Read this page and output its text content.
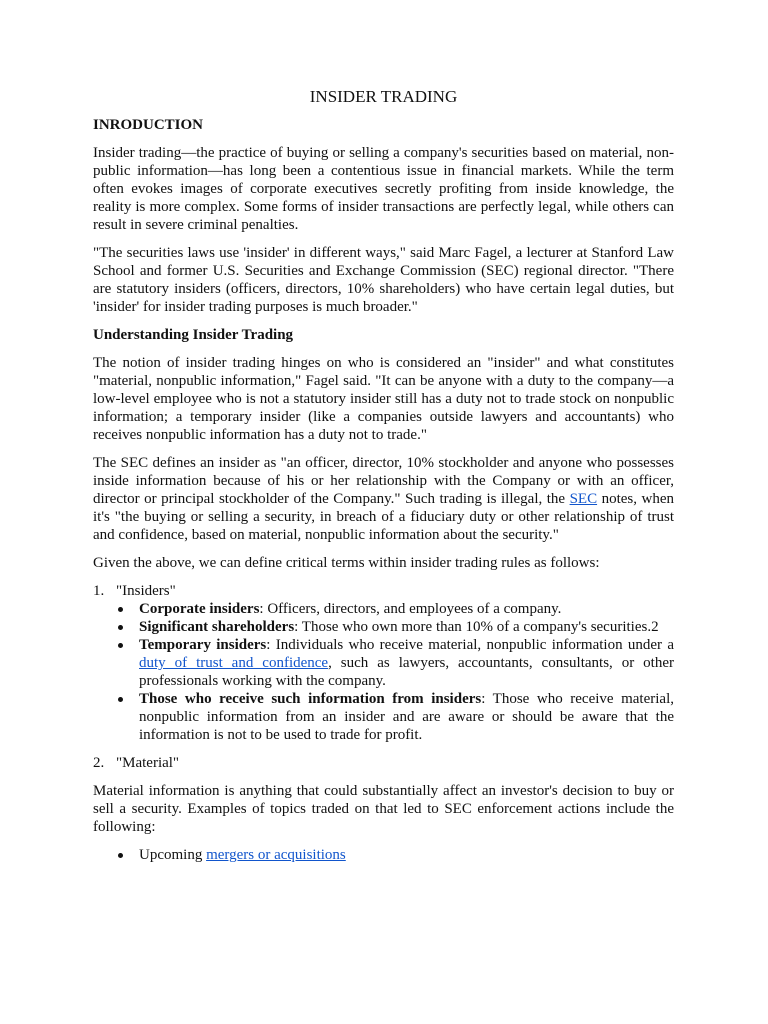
INSIDER TRADING
INRODUCTION

Insider trading—the practice of buying or selling a company's securities based on material, non-public information—has long been a contentious issue in financial markets. While the term often evokes images of corporate executives secretly profiting from inside knowledge, the reality is more complex. Some forms of insider transactions are perfectly legal, while others can result in severe criminal penalties.

"The securities laws use 'insider' in different ways," said Marc Fagel, a lecturer at Stanford Law School and former U.S. Securities and Exchange Commission (SEC) regional director. "There are statutory insiders (officers, directors, 10% shareholders) who have certain legal duties, but 'insider' for insider trading purposes is much broader."

Understanding Insider Trading

The notion of insider trading hinges on who is considered an "insider" and what constitutes "material, nonpublic information," Fagel said. "It can be anyone with a duty to the company—a low-level employee who is not a statutory insider still has a duty not to trade stock on nonpublic information; a temporary insider (like a companies outside lawyers and accountants) who receives nonpublic information has a duty not to trade."

The SEC defines an insider as "an officer, director, 10% stockholder and anyone who possesses inside information because of his or her relationship with the Company or with an officer, director or principal stockholder of the Company." Such trading is illegal, the SEC notes, when it's "the buying or selling a security, in breach of a fiduciary duty or other relationship of trust and confidence, based on material, nonpublic information about the security."

Given the above, we can define critical terms within insider trading rules as follows:

1. "Insiders"
Corporate insiders: Officers, directors, and employees of a company.
Significant shareholders: Those who own more than 10% of a company's securities.2
Temporary insiders: Individuals who receive material, nonpublic information under a duty of trust and confidence, such as lawyers, accountants, consultants, or other professionals working with the company.
Those who receive such information from insiders: Those who receive material, nonpublic information from an insider and are aware or should be aware that the information is not to be used to trade for profit.
2. "Material"

Material information is anything that could substantially affect an investor's decision to buy or sell a security. Examples of topics traded on that led to SEC enforcement actions include the following:

Upcoming mergers or acquisitions
